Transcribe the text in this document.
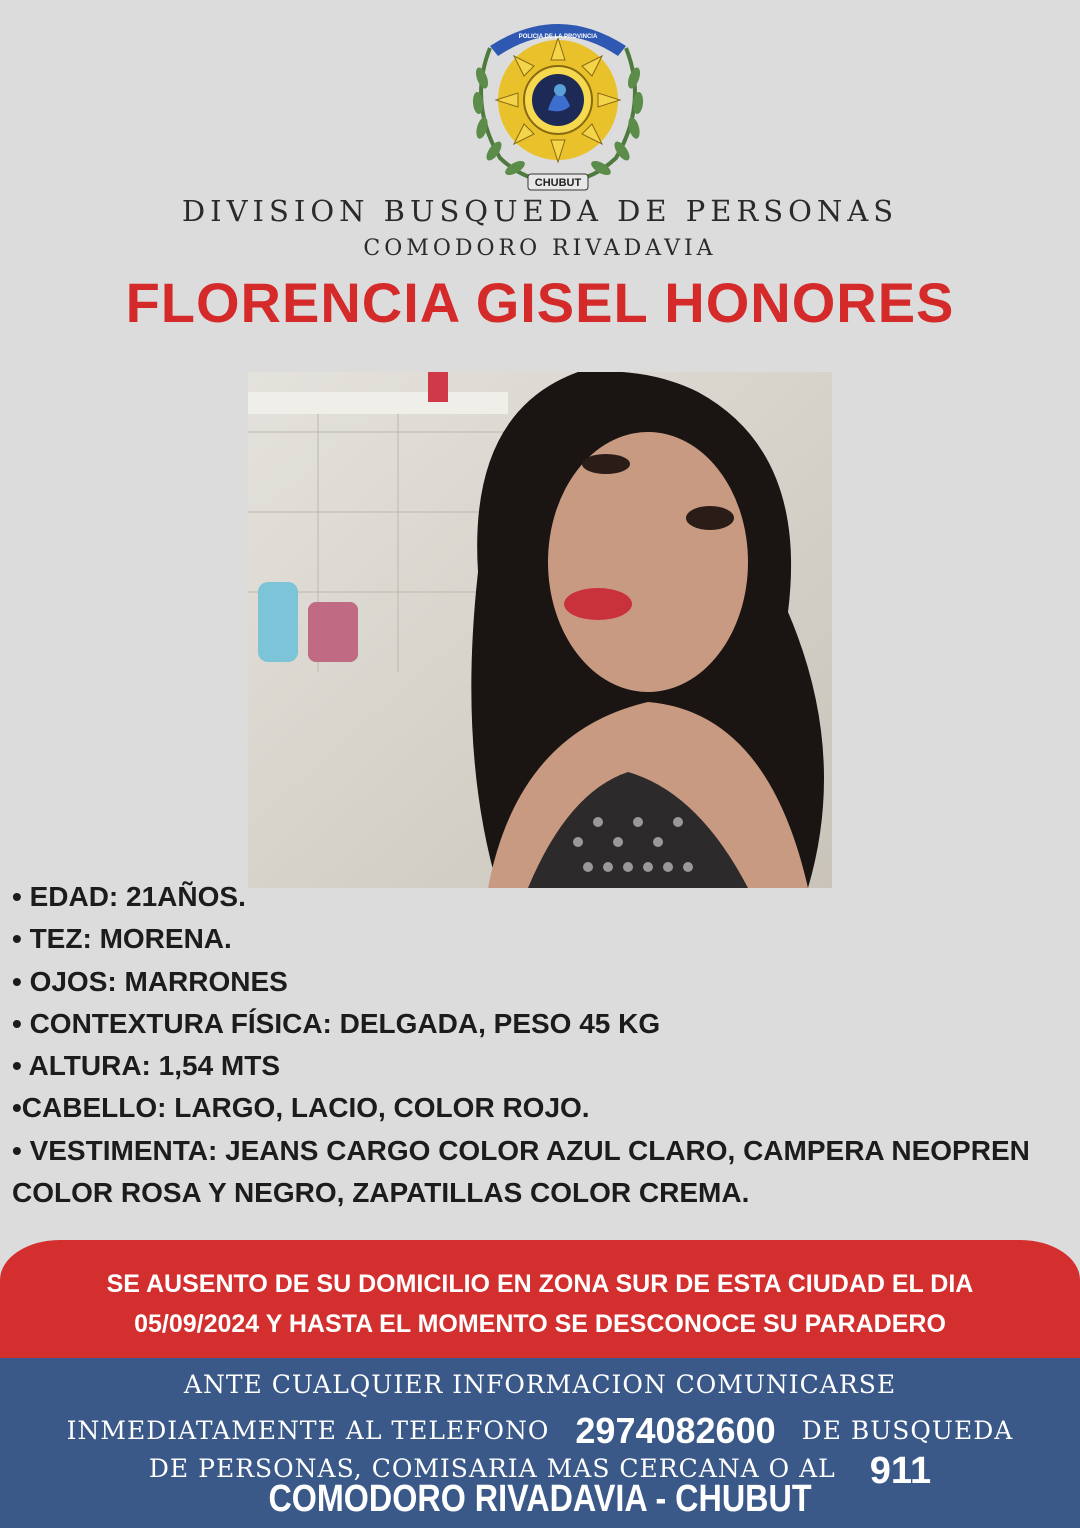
CHUBUT
POLICIA DE LA PROVINCIA
DIVISION BUSQUEDA DE PERSONAS
COMODORO RIVADAVIA
FLORENCIA GISEL HONORES
• EDAD: 21AÑOS.
• TEZ: MORENA.
• OJOS: MARRONES
• CONTEXTURA FÍSICA: DELGADA, PESO 45 KG
• ALTURA: 1,54 MTS
•CABELLO: LARGO, LACIO, COLOR ROJO.
• VESTIMENTA: JEANS CARGO COLOR AZUL CLARO, CAMPERA NEOPREN COLOR ROSA Y NEGRO, ZAPATILLAS COLOR CREMA.
SE AUSENTO DE SU DOMICILIO EN ZONA SUR DE ESTA CIUDAD EL DIA
05/09/2024 Y HASTA EL MOMENTO SE DESCONOCE SU PARADERO
ANTE CUALQUIER INFORMACION COMUNICARSE
INMEDIATAMENTE AL TELEFONO 2974082600 DE BUSQUEDA
DE PERSONAS, COMISARIA MAS CERCANA O AL 911
COMODORO RIVADAVIA - CHUBUT
